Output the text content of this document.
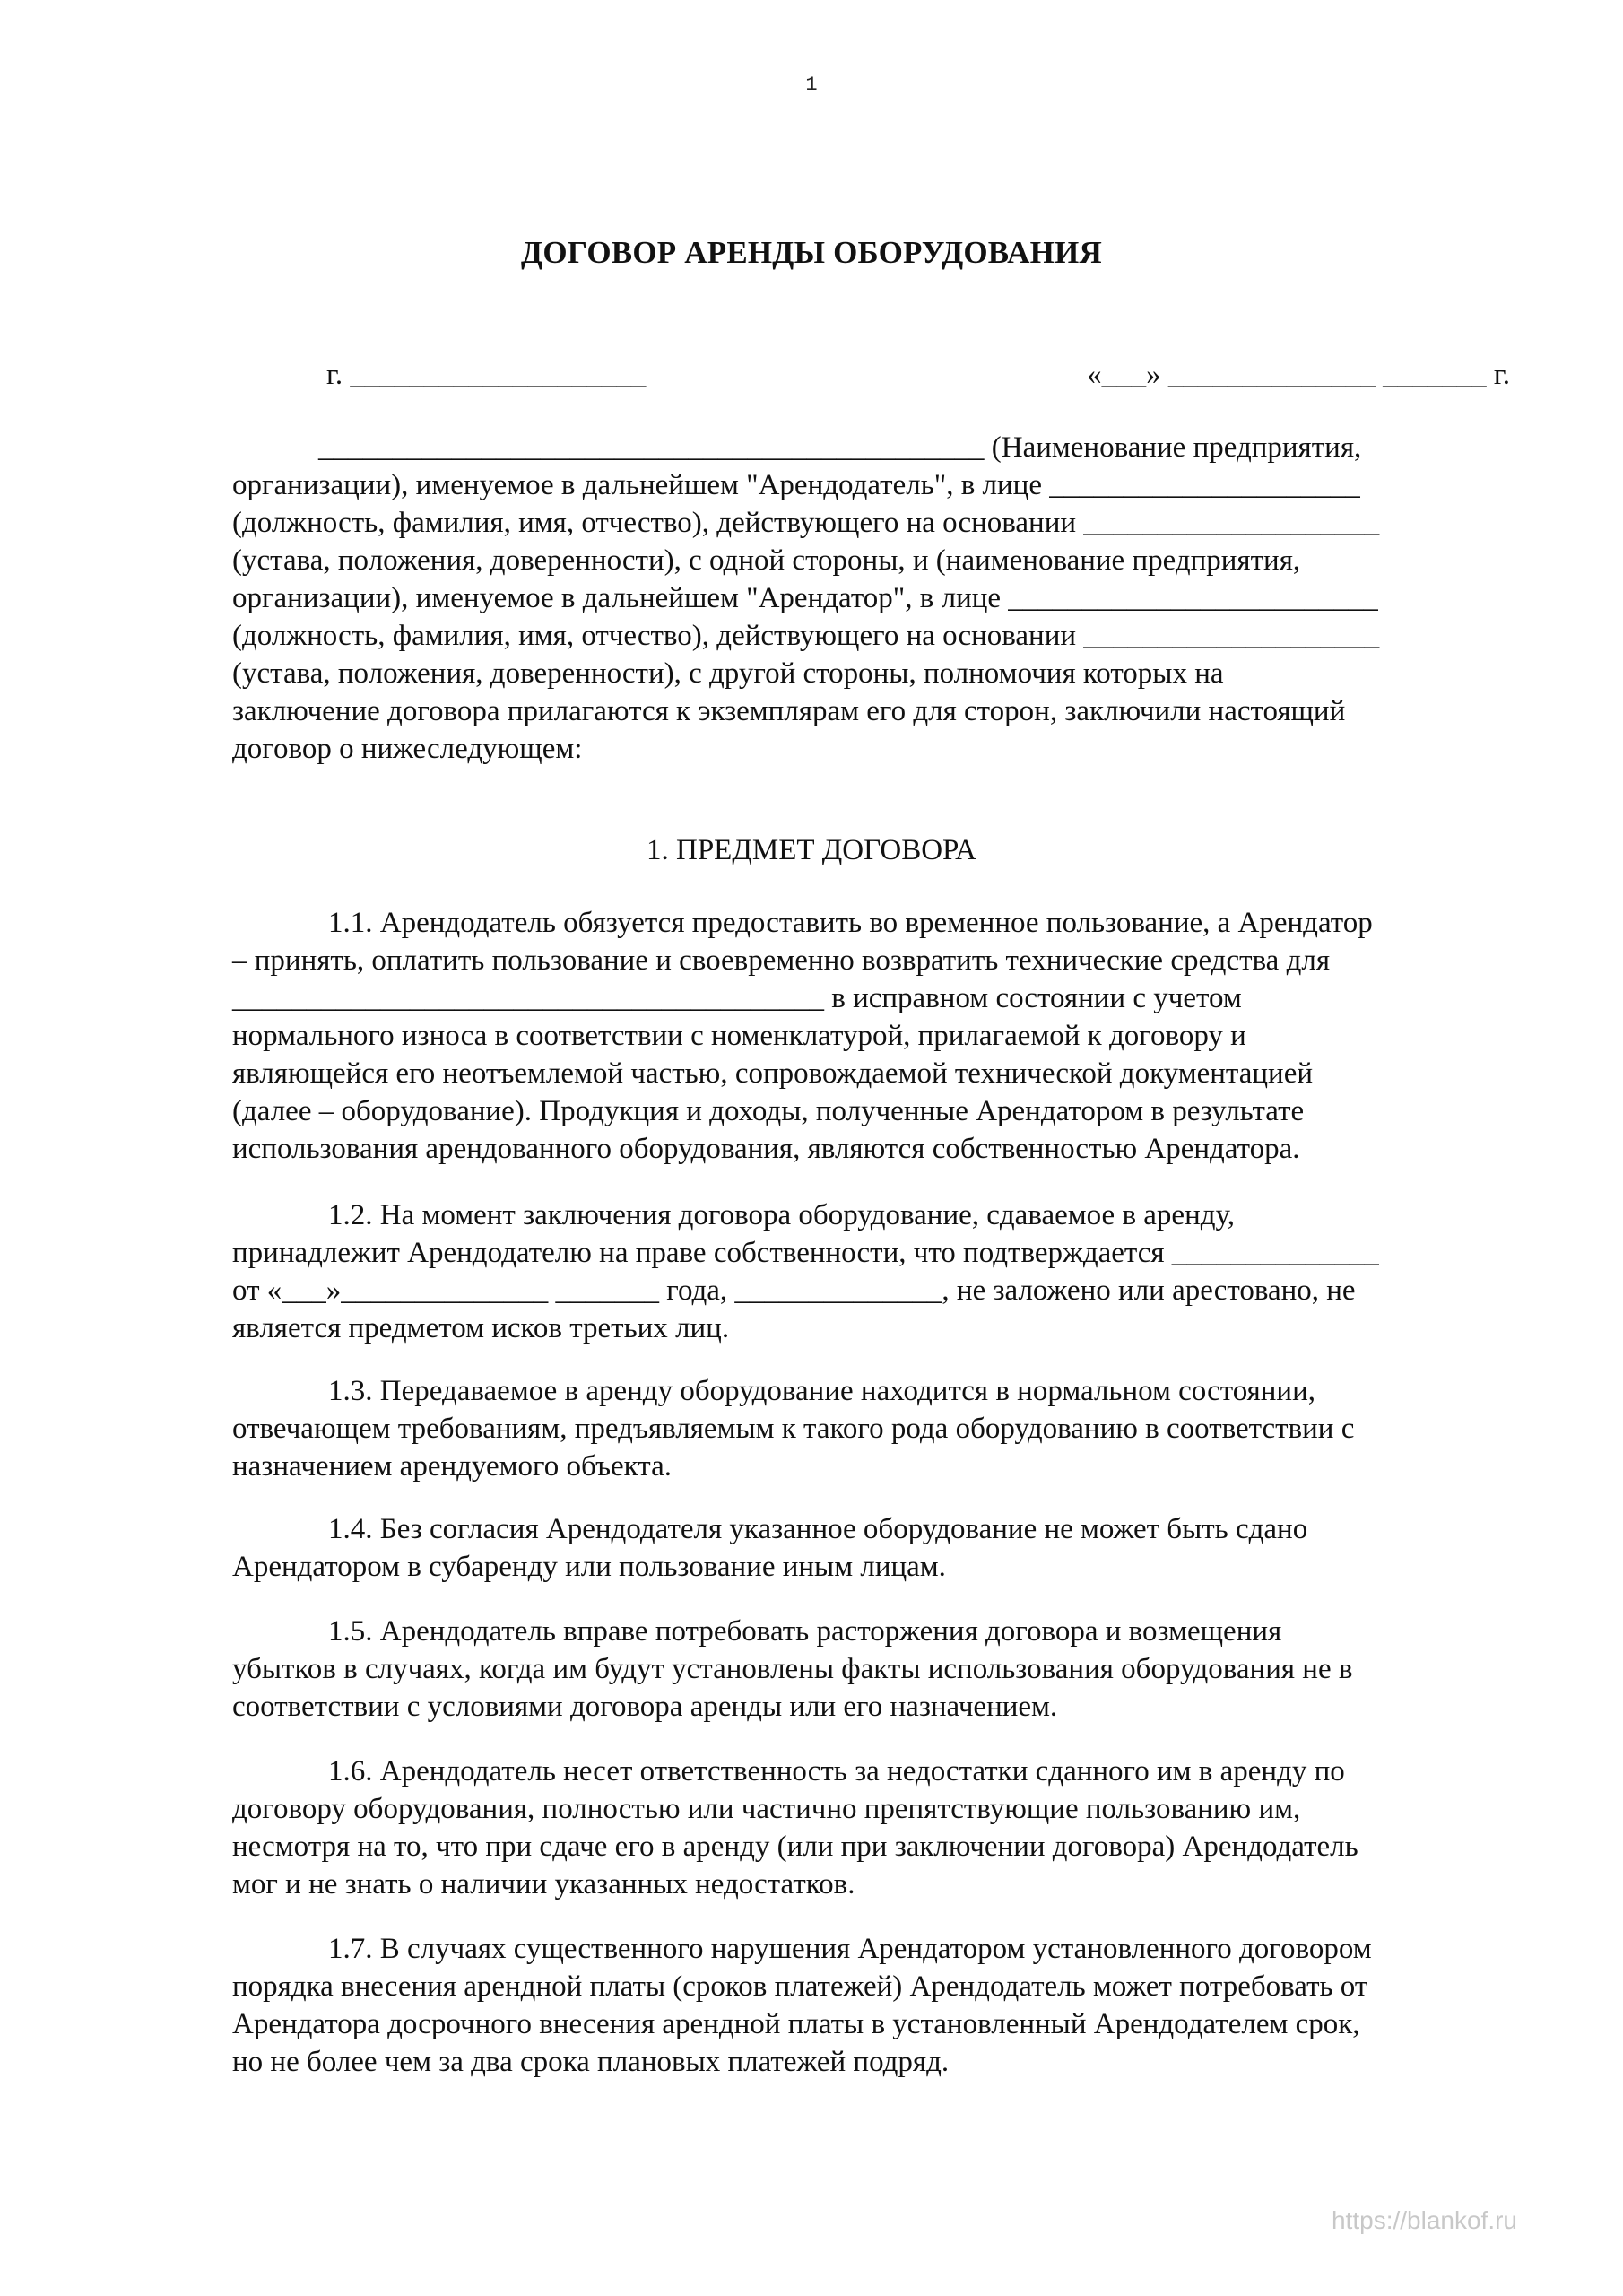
1
ДОГОВОР АРЕНДЫ ОБОРУДОВАНИЯ
г. ____________________	«___» ______________ _______ г.
_____________________________________________ (Наименование предприятия,
организации), именуемое в дальнейшем "Арендодатель", в лице _____________________
(должность, фамилия, имя, отчество), действующего на основании ____________________
(устава, положения, доверенности), с одной стороны, и (наименование предприятия,
организации), именуемое в дальнейшем "Арендатор", в лице _________________________
(должность, фамилия, имя, отчество), действующего на основании ____________________
(устава, положения, доверенности), с другой стороны, полномочия которых на
заключение договора прилагаются к экземплярам его для сторон, заключили настоящий
договор о нижеследующем:
1. ПРЕДМЕТ ДОГОВОРА
1.1. Арендодатель обязуется предоставить во временное пользование, а Арендатор
– принять, оплатить пользование и своевременно возвратить технические средства для
________________________________________ в исправном состоянии с учетом
нормального износа в соответствии с номенклатурой, прилагаемой к договору и
являющейся его неотъемлемой частью, сопровождаемой технической документацией
(далее – оборудование). Продукция и доходы, полученные Арендатором в результате
использования арендованного оборудования, являются собственностью Арендатора.
1.2. На момент заключения договора оборудование, сдаваемое в аренду,
принадлежит Арендодателю на праве собственности, что подтверждается ______________
от «___»______________ _______ года, ______________, не заложено или арестовано, не
является предметом исков третьих лиц.
1.3. Передаваемое в аренду оборудование находится в нормальном состоянии,
отвечающем требованиям, предъявляемым к такого рода оборудованию в соответствии с
назначением арендуемого объекта.
1.4. Без согласия Арендодателя указанное оборудование не может быть сдано
Арендатором в субаренду или пользование иным лицам.
1.5. Арендодатель вправе потребовать расторжения договора и возмещения
убытков в случаях, когда им будут установлены факты использования оборудования не в
соответствии с условиями договора аренды или его назначением.
1.6. Арендодатель несет ответственность за недостатки сданного им в аренду по
договору оборудования, полностью или частично препятствующие пользованию им,
несмотря на то, что при сдаче его в аренду (или при заключении договора) Арендодатель
мог и не знать о наличии указанных недостатков.
1.7. В случаях существенного нарушения Арендатором установленного договором
порядка внесения арендной платы (сроков платежей) Арендодатель может потребовать от
Арендатора досрочного внесения арендной платы в установленный Арендодателем срок,
но не более чем за два срока плановых платежей подряд.
https://blankof.ru
